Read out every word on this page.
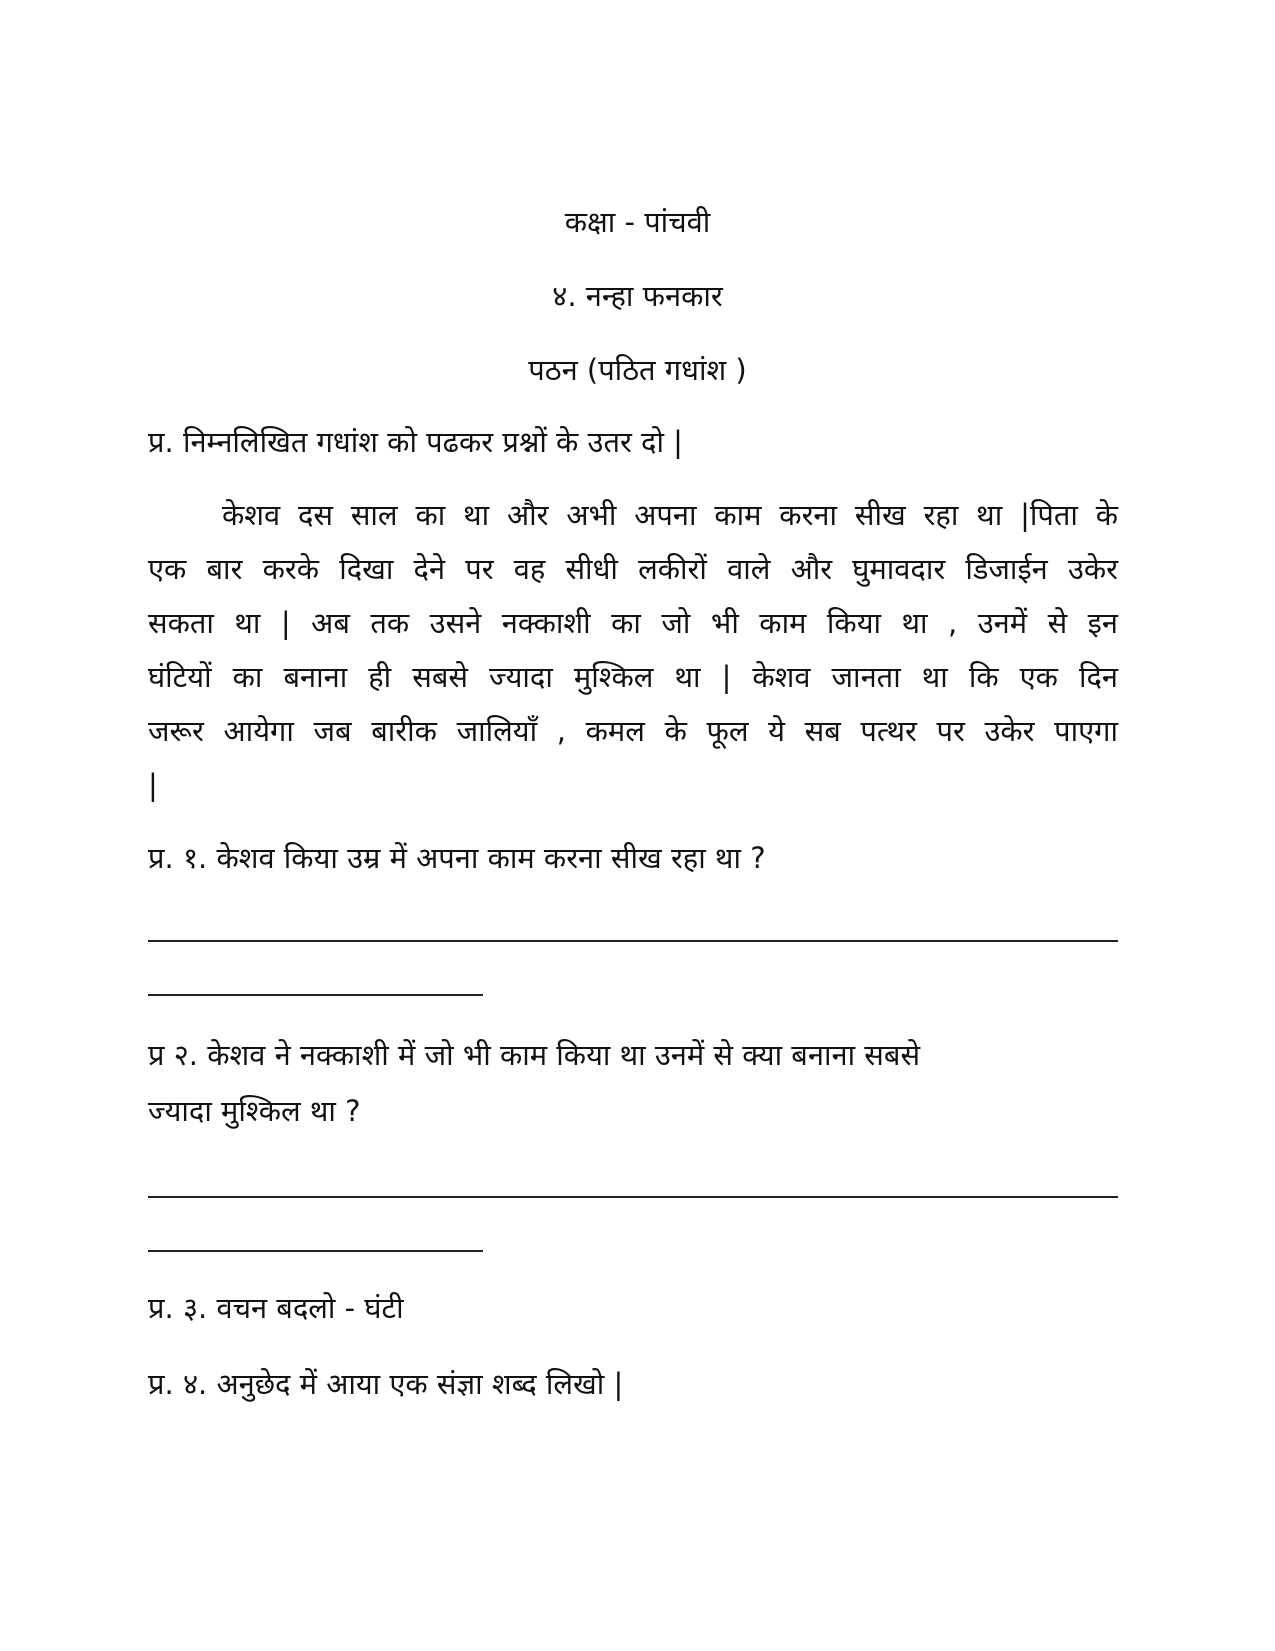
कक्षा - पांचवी
४. नन्हा फनकार
पठन (पठित गधांश )
प्र. निम्नलिखित गधांश को पढकर प्रश्नों के उतर दो |
केशव दस साल का था और अभी अपना काम करना सीख रहा था |पिता के
एक बार करके दिखा देने पर वह सीधी लकीरों वाले और घुमावदार डिजाईन उकेर
सकता था | अब तक उसने नक्काशी का जो भी काम किया था , उनमें से इन
घंटियों का बनाना ही सबसे ज्यादा मुश्किल था | केशव जानता था कि एक दिन
जरूर आयेगा जब बारीक जालियाँ , कमल के फूल ये सब पत्थर पर उकेर पाएगा
|
प्र. १. केशव किया उम्र में अपना काम करना सीख रहा था ?
प्र २. केशव ने नक्काशी में जो भी काम किया था उनमें से क्या बनाना सबसे
ज्यादा मुश्किल था ?
प्र. ३. वचन बदलो - घंटी
प्र. ४. अनुछेद में आया एक संज्ञा शब्द लिखो |
